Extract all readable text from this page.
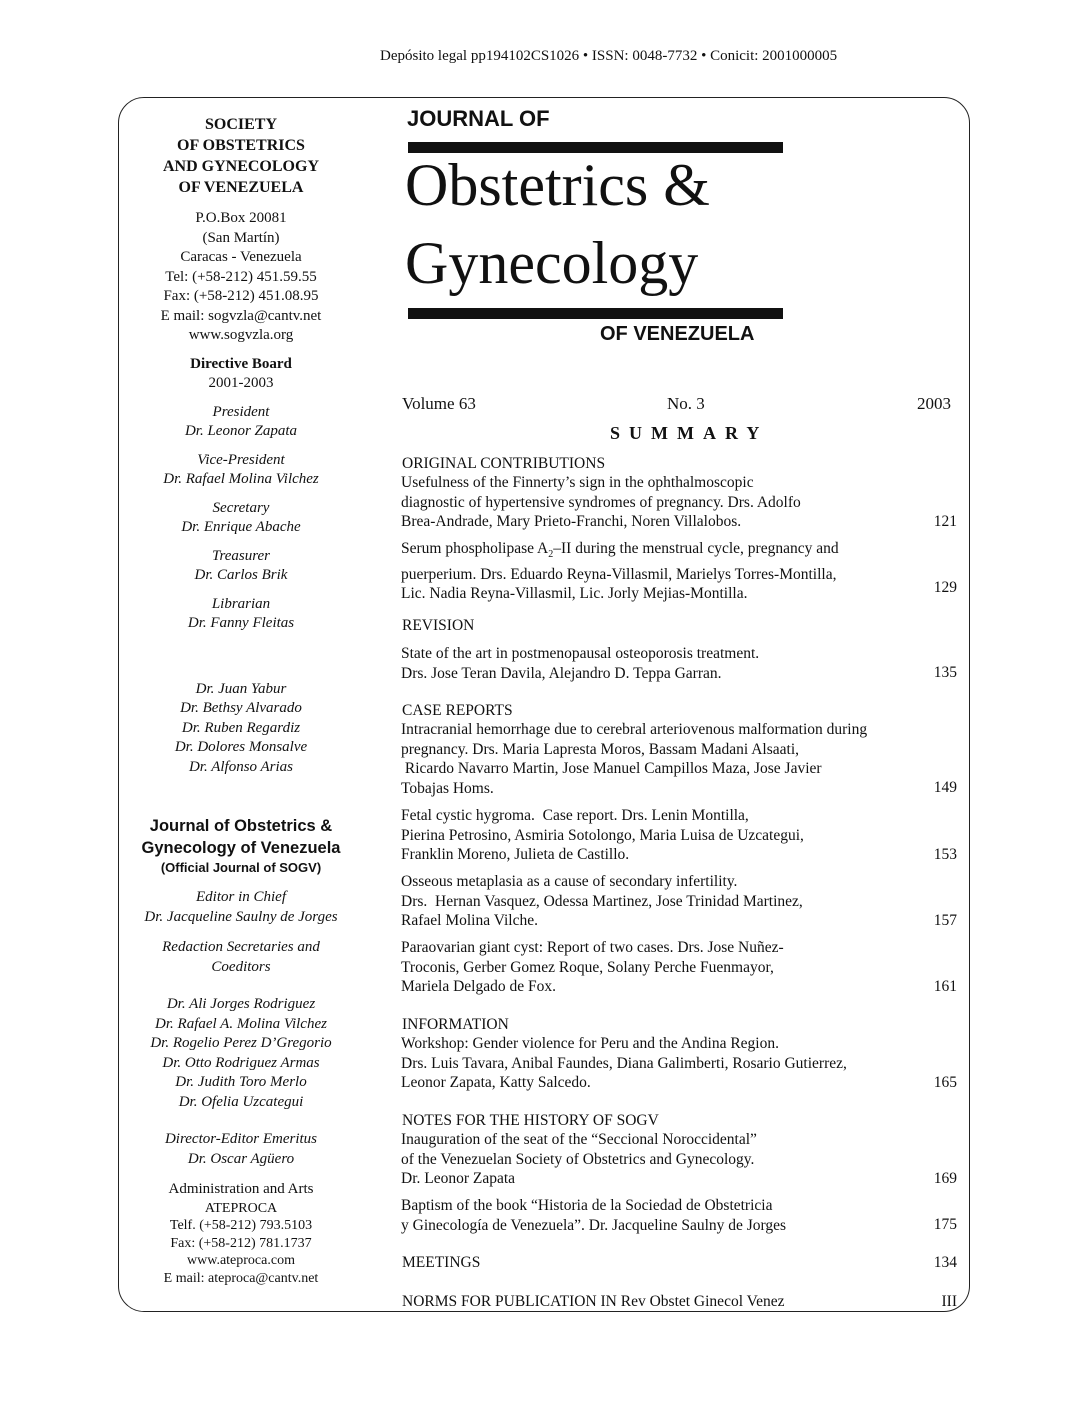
Depósito legal pp194102CS1026 • ISSN: 0048-7732 • Conicit: 2001000005
SOCIETY
OF OBSTETRICS
AND GYNECOLOGY
OF VENEZUELA
P.O.Box 20081
(San Martín)
Caracas - Venezuela
Tel: (+58-212) 451.59.55
Fax: (+58-212) 451.08.95
E mail: sogvzla@cantv.net
www.sogvzla.org
Directive Board
2001-2003
President
Dr. Leonor Zapata
Vice-President
Dr. Rafael Molina Vilchez
Secretary
Dr. Enrique Abache
Treasurer
Dr. Carlos Brik
Librarian
Dr. Fanny Fleitas
Dr. Juan Yabur
Dr. Bethsy Alvarado
Dr. Ruben Regardiz
Dr. Dolores Monsalve
Dr. Alfonso Arias
Journal of Obstetrics &
Gynecology of Venezuela
(Official Journal of SOGV)
Editor in Chief
Dr. Jacqueline Saulny de Jorges
Redaction Secretaries and
Coeditors
Dr. Ali Jorges Rodriguez
Dr. Rafael A. Molina Vilchez
Dr. Rogelio Perez D’Gregorio
Dr. Otto Rodriguez Armas
Dr. Judith Toro Merlo
Dr. Ofelia Uzcategui
Director-Editor Emeritus
Dr. Oscar Agüero
Administration and Arts
ATEPROCA
Telf. (+58-212) 793.5103
Fax: (+58-212) 781.1737
www.ateproca.com
E mail: ateproca@cantv.net
JOURNAL OF
Obstetrics &
Gynecology
OF VENEZUELA
Volume 63	No. 3	2003
SUMMARY
ORIGINAL CONTRIBUTIONS
Usefulness of the Finnerty’s sign in the ophthalmoscopic
diagnostic of hypertensive syndromes of pregnancy. Drs. Adolfo
Brea-Andrade, Mary Prieto-Franchi, Noren Villalobos.	121
Serum phospholipase $A_2-II$ during the menstrual cycle, pregnancy and
puerperium. Drs. Eduardo Reyna-Villasmil, Marielys Torres-Montilla,
Lic. Nadia Reyna-Villasmil, Lic. Jorly Mejias-Montilla.	129
REVISION
State of the art in postmenopausal osteoporosis treatment.
Drs. Jose Teran Davila, Alejandro D. Teppa Garran.	135
CASE REPORTS
Intracranial hemorrhage due to cerebral arteriovenous malformation during
pregnancy. Drs. Maria Lapresta Moros, Bassam Madani Alsaati,
Ricardo Navarro Martin, Jose Manuel Campillos Maza, Jose Javier
Tobajas Homs.	149
Fetal cystic hygroma.  Case report. Drs. Lenin Montilla,
Pierina Petrosino, Asmiria Sotolongo, Maria Luisa de Uzcategui,
Franklin Moreno, Julieta de Castillo.	153
Osseous metaplasia as a cause of secondary infertility.
Drs.  Hernan Vasquez, Odessa Martinez, Jose Trinidad Martinez,
Rafael Molina Vilche.	157
Paraovarian giant cyst: Report of two cases. Drs. Jose Nuñez-
Troconis, Gerber Gomez Roque, Solany Perche Fuenmayor,
Mariela Delgado de Fox.	161
INFORMATION
Workshop: Gender violence for Peru and the Andina Region.
Drs. Luis Tavara, Anibal Faundes, Diana Galimberti, Rosario Gutierrez,
Leonor Zapata, Katty Salcedo.	165
NOTES FOR THE HISTORY OF SOGV
Inauguration of the seat of the “Seccional Noroccidental”
of the Venezuelan Society of Obstetrics and Gynecology.
Dr. Leonor Zapata	169
Baptism of the book “Historia de la Sociedad de Obstetricia
y Ginecología de Venezuela”. Dr. Jacqueline Saulny de Jorges	175
MEETINGS	134
NORMS FOR PUBLICATION IN Rev Obstet Ginecol Venez	III
